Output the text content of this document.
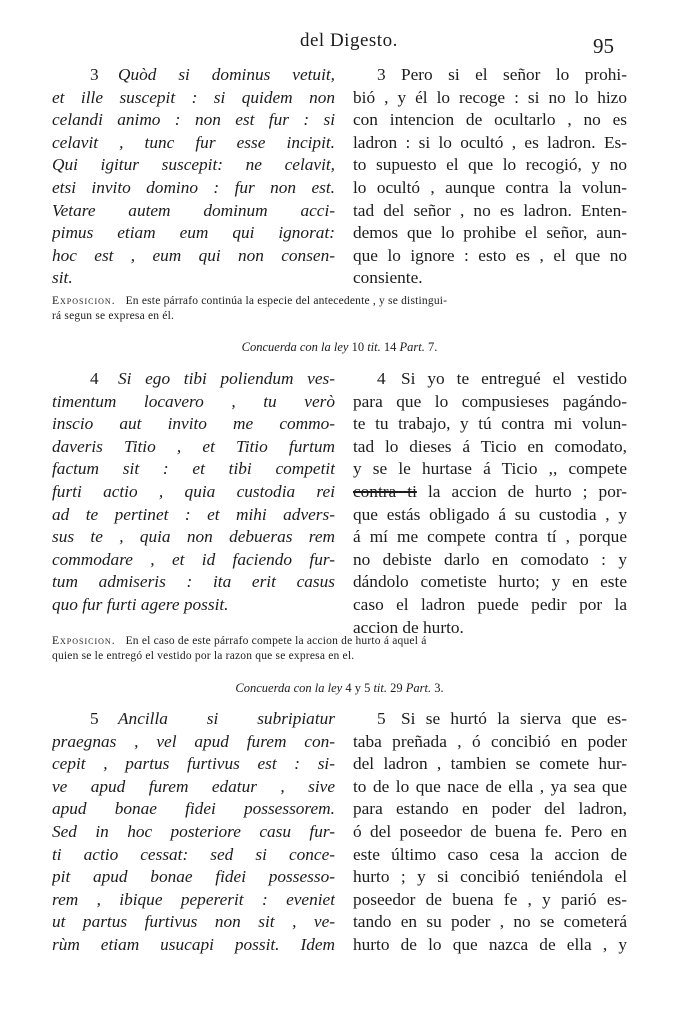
del Digesto.	95
3 Quòd si dominus vetuit,
et ille suscepit : si quidem non
celandi animo : non est fur : si
celavit , tunc fur esse incipit.
Qui igitur suscepit: ne celavit,
etsi invito domino : fur non est.
Vetare autem dominum acci-
pimus etiam eum qui ignorat:
hoc est , eum qui non consen-
sit.
3 Pero si el señor lo prohi-
bió , y él lo recoge : si no lo hizo
con intencion de ocultarlo , no es
ladron : si lo ocultó , es ladron. Es-
to supuesto el que lo recogió, y no
lo ocultó , aunque contra la volun-
tad del señor , no es ladron. Enten-
demos que lo prohibe el señor, aun-
que lo ignore : esto es , el que no
consiente.
Exposicion. En este párrafo continúa la especie del antecedente , y se distingui-
rá segun se expresa en él.
Concuerda con la ley 10 tit. 14 Part. 7.
4 Si ego tibi poliendum ves-
timentum locavero , tu verò
inscio aut invito me commo-
daveris Titio , et Titio furtum
factum sit : et tibi competit
furti actio , quia custodia rei
ad te pertinet : et mihi advers-
sus te , quia non debueras rem
commodare , et id faciendo fur-
tum admiseris : ita erit casus
quo fur furti agere possit.
4 Si yo te entregué el vestido
para que lo compusieses pagándo-
te tu trabajo, y tú contra mi volun-
tad lo dieses á Ticio en comodato,
y se le hurtase á Ticio ,, compete
contra ti la accion de hurto ; por-
que estás obligado á su custodia , y
á mí me compete contra tí , porque
no debiste darlo en comodato : y
dándolo cometiste hurto; y en este
caso el ladron puede pedir por la
accion de hurto.
Exposicion. En el caso de este párrafo compete la accion de hurto á aquel á
quien se le entregó el vestido por la razon que se expresa en el.
Concuerda con la ley 4 y 5 tit. 29 Part. 3.
5 Ancilla si subripiatur
praegnas , vel apud furem con-
cepit , partus furtivus est : si-
ve apud furem edatur , sive
apud bonae fidei possessorem.
Sed in hoc posteriore casu fur-
ti actio cessat: sed si conce-
pit apud bonae fidei possesso-
rem , ibique pepererit : eveniet
ut partus furtivus non sit , ve-
rùm etiam usucapi possit. Idem
5 Si se hurtó la sierva que es-
taba preñada , ó concibió en poder
del ladron , tambien se comete hur-
to de lo que nace de ella , ya sea que
para estando en poder del ladron,
ó del poseedor de buena fe. Pero en
este último caso cesa la accion de
hurto ; y si concibió teniéndola el
poseedor de buena fe , y parió es-
tando en su poder , no se cometerá
hurto de lo que nazca de ella , y
